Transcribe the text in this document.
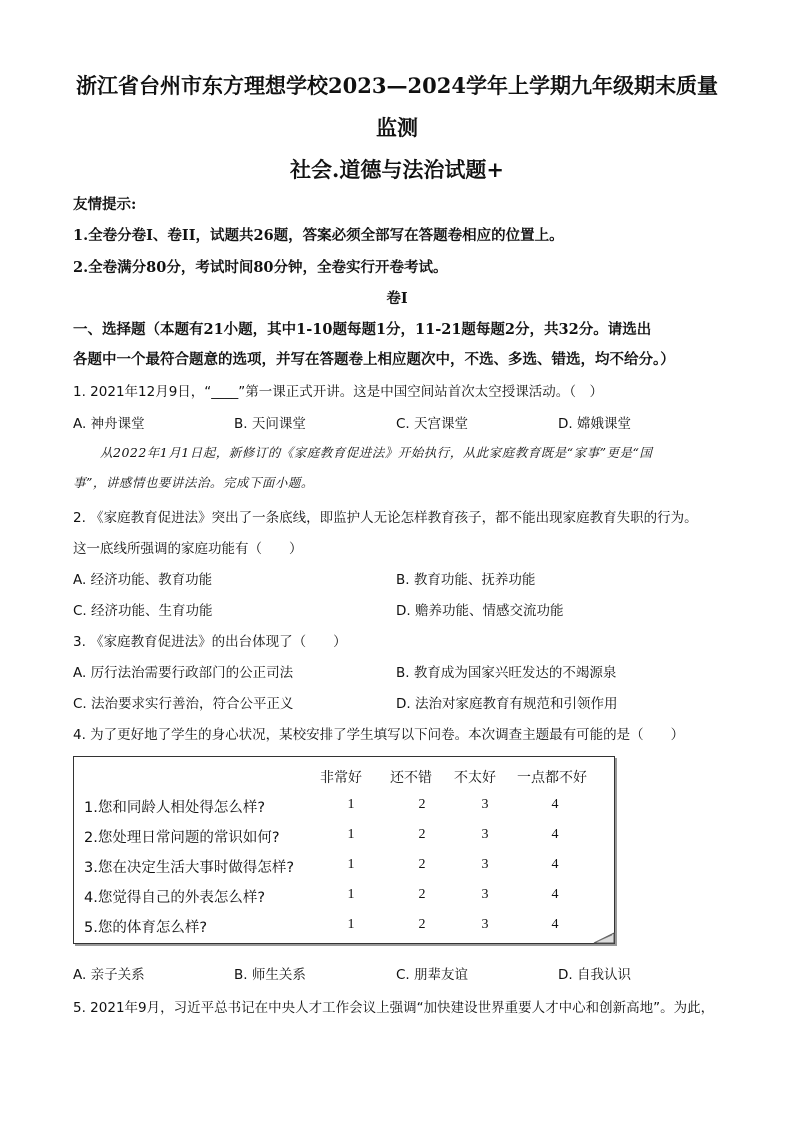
浙江省台州市东方理想学校2023—2024学年上学期九年级期末质量
监测
社会.道德与法治试题+
友情提示:
1.全卷分卷I、卷II，试题共26题，答案必须全部写在答题卷相应的位置上。
2.全卷满分80分，考试时间80分钟，全卷实行开卷考试。
卷I
一、选择题（本题有21小题，其中1-10题每题1分，11-21题每题2分，共32分。请选出
各题中一个最符合题意的选项，并写在答题卷上相应题次中，不选、多选、错选，均不给分。）
1. 2021年12月9日，“____”第一课正式开讲。这是中国空间站首次太空授课活动。（　）
A. 神舟课堂	B. 天问课堂	C. 天宫课堂	D. 嫦娥课堂
从2022年1月1日起，新修订的《家庭教育促进法》开始执行，从此家庭教育既是“家事”更是“国
事”，讲感情也要讲法治。完成下面小题。
2. 《家庭教育促进法》突出了一条底线，即监护人无论怎样教育孩子，都不能出现家庭教育失职的行为。
这一底线所强调的家庭功能有（　　）
A. 经济功能、教育功能	B. 教育功能、抚养功能
C. 经济功能、生育功能	D. 赡养功能、情感交流功能
3. 《家庭教育促进法》的出台体现了（　　）
A. 厉行法治需要行政部门的公正司法	B. 教育成为国家兴旺发达的不竭源泉
C. 法治要求实行善治，符合公平正义	D. 法治对家庭教育有规范和引领作用
4. 为了更好地了学生的身心状况，某校安排了学生填写以下问卷。本次调查主题最有可能的是（　　）
非常好 还不错 不太好 一点都不好
1.您和同龄人相处得怎么样?	1	2	3	4
2.您处理日常问题的常识如何?	1	2	3	4
3.您在决定生活大事时做得怎样?	1	2	3	4
4.您觉得自己的外表怎么样?	1	2	3	4
5.您的体育怎么样?	1	2	3	4
A. 亲子关系	B. 师生关系	C. 朋辈友谊	D. 自我认识
5. 2021年9月，习近平总书记在中央人才工作会议上强调“加快建设世界重要人才中心和创新高地”。为此，
